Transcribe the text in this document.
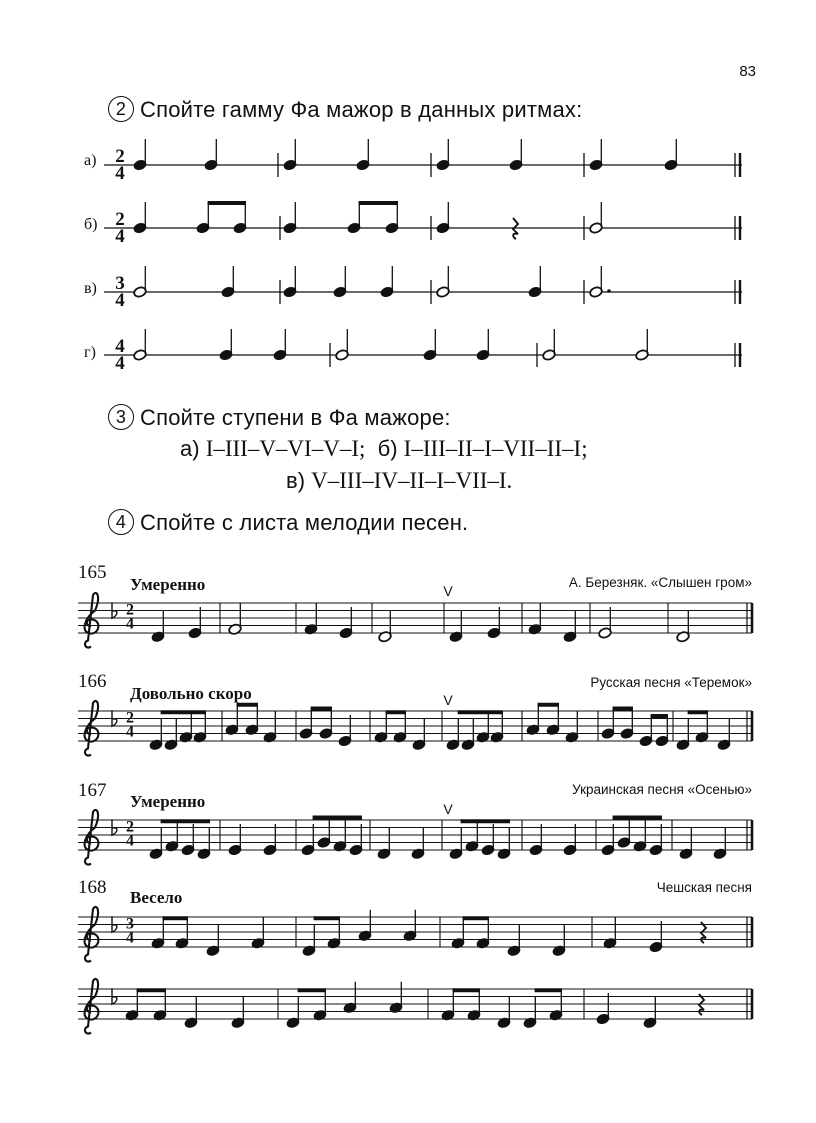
83
2 Спойте гамму Фа мажор в данных ритмах:
а)
б)
в)
г)
3 Спойте ступени в Фа мажоре:
а) I–III–V–VI–V–I; б) I–III–II–I–VII–II–I;
в) V–III–IV–II–I–VII–I.
4 Спойте с листа мелодии песен.
165
Умеренно	А. Березняк. «Слышен гром»
166
Довольно скоро
Русская песня «Теремок»
167
Умеренно
Украинская песня «Осенью»
168 Весело
Чешская песня
2
4
2
4
3
4
4
4
2
4
V
2
4
V
2
4
V
3
4
